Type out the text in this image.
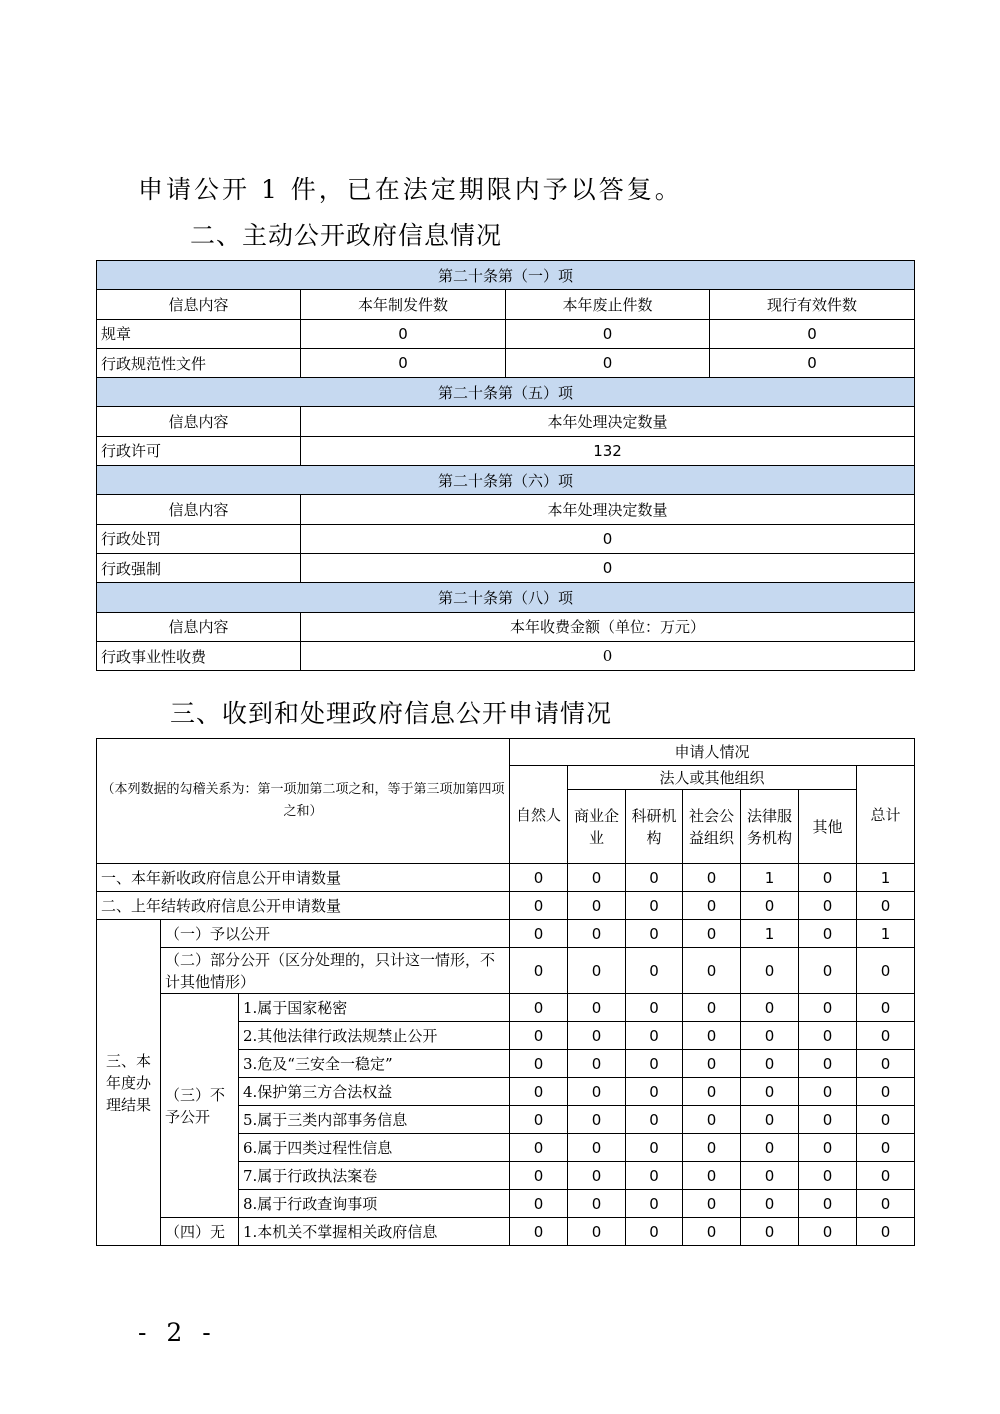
申请公开 1 件，已在法定期限内予以答复。
二、主动公开政府信息情况
第二十条第（一）项			
信息内容	本年制发件数	本年废止件数	现行有效件数
规章	0	0	0
行政规范性文件	0	0	0
第二十条第（五）项			
信息内容	本年处理决定数量		
行政许可	132		
第二十条第（六）项			
信息内容	本年处理决定数量		
行政处罚	0		
行政强制	0		
第二十条第（八）项			
信息内容	本年收费金额（单位：万元）		
行政事业性收费	0		
三、收到和处理政府信息公开申请情况
（本列数据的勾稽关系为：第一项加第二项之和，等于第三项加第四项之和）			申请人情况						
			自然人	法人或其他组织					总计
				商业企业	科研机构	社会公益组织	法律服务机构	其他	
一、本年新收政府信息公开申请数量			0	0	0	0	1	0	1
二、上年结转政府信息公开申请数量			0	0	0	0	0	0	0
三、本年度办理结果	（一）予以公开		0	0	0	0	1	0	1
	（二）部分公开（区分处理的，只计这一情形，不计其他情形）		0	0	0	0	0	0	0
	（三）不予公开	1.属于国家秘密	0	0	0	0	0	0	0
		2.其他法律行政法规禁止公开	0	0	0	0	0	0	0
		3.危及“三安全一稳定”	0	0	0	0	0	0	0
		4.保护第三方合法权益	0	0	0	0	0	0	0
		5.属于三类内部事务信息	0	0	0	0	0	0	0
		6.属于四类过程性信息	0	0	0	0	0	0	0
		7.属于行政执法案卷	0	0	0	0	0	0	0
		8.属于行政查询事项	0	0	0	0	0	0	0
	（四）无	1.本机关不掌握相关政府信息	0	0	0	0	0	0	0
- 2 -
